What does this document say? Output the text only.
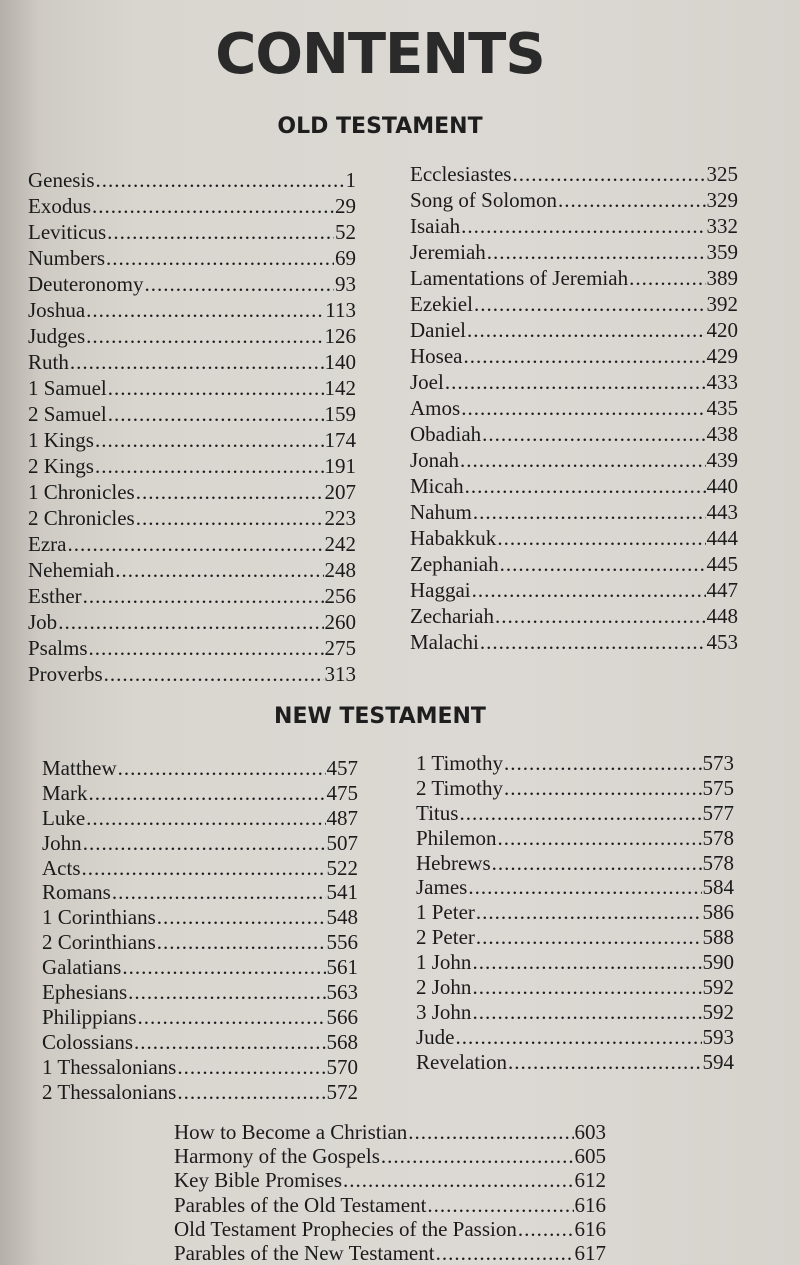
CONTENTS
OLD TESTAMENT
Genesis .....	1
Exodus .....	29
Leviticus .....	52
Numbers .....	69
Deuteronomy .....	93
Joshua .....	113
Judges .....	126
Ruth .....	140
1 Samuel .....	142
2 Samuel .....	159
1 Kings .....	174
2 Kings .....	191
1 Chronicles .....	207
2 Chronicles .....	223
Ezra .....	242
Nehemiah .....	248
Esther .....	256
Job .....	260
Psalms .....	275
Proverbs .....	313
Ecclesiastes .....	325
Song of Solomon .....	329
Isaiah .....	332
Jeremiah .....	359
Lamentations of Jeremiah .....	389
Ezekiel .....	392
Daniel .....	420
Hosea .....	429
Joel .....	433
Amos .....	435
Obadiah .....	438
Jonah .....	439
Micah .....	440
Nahum .....	443
Habakkuk .....	444
Zephaniah .....	445
Haggai .....	447
Zechariah .....	448
Malachi .....	453
NEW TESTAMENT
Matthew .....	457
Mark .....	475
Luke .....	487
John .....	507
Acts .....	522
Romans .....	541
1 Corinthians .....	548
2 Corinthians .....	556
Galatians .....	561
Ephesians .....	563
Philippians .....	566
Colossians .....	568
1 Thessalonians .....	570
2 Thessalonians .....	572
1 Timothy .....	573
2 Timothy .....	575
Titus .....	577
Philemon .....	578
Hebrews .....	578
James .....	584
1 Peter .....	586
2 Peter .....	588
1 John .....	590
2 John .....	592
3 John .....	592
Jude .....	593
Revelation .....	594
How to Become a Christian .....	603
Harmony of the Gospels .....	605
Key Bible Promises .....	612
Parables of the Old Testament .....	616
Old Testament Prophecies of the Passion .....	616
Parables of the New Testament .....	617
